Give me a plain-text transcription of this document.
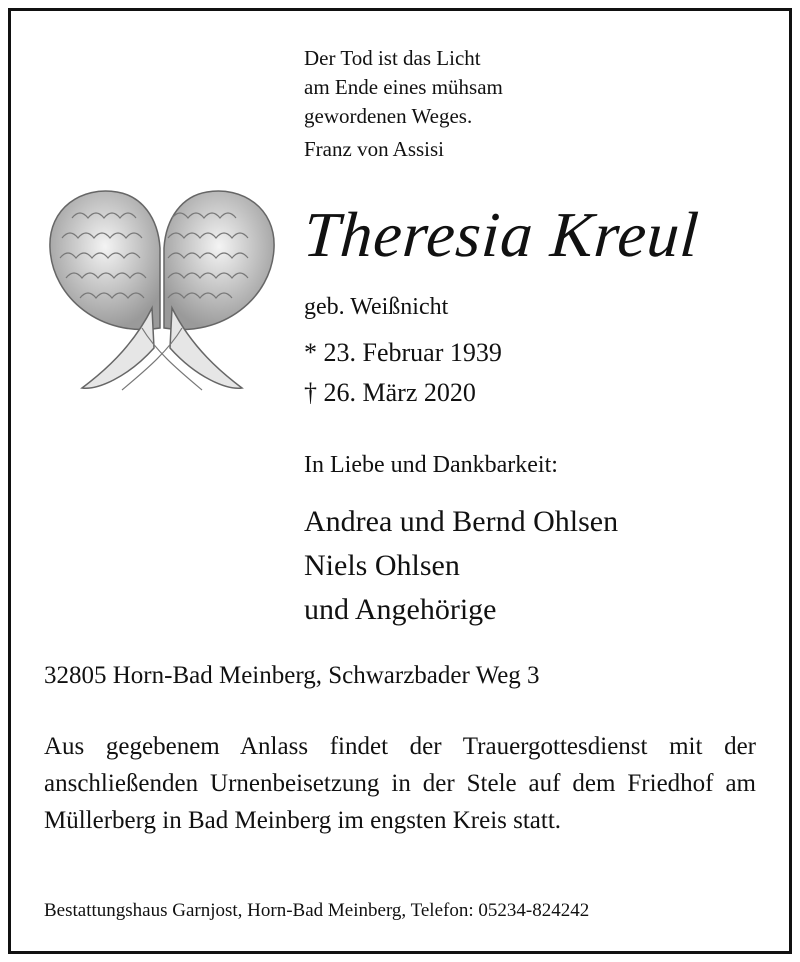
Der Tod ist das Licht
am Ende eines mühsam
gewordenen Weges.
Franz von Assisi
Theresia Kreul
geb. Weißnicht
* 23. Februar 1939
† 26. März 2020
In Liebe und Dankbarkeit:
Andrea und Bernd Ohlsen
Niels Ohlsen
und Angehörige
32805 Horn-Bad Meinberg, Schwarzbader Weg 3
Aus gegebenem Anlass findet der Trauergottesdienst mit der anschließenden Urnenbeisetzung in der Stele auf dem Friedhof am Müllerberg in Bad Meinberg im engsten Kreis statt.
Bestattungshaus Garnjost, Horn-Bad Meinberg, Telefon: 05234-824242
